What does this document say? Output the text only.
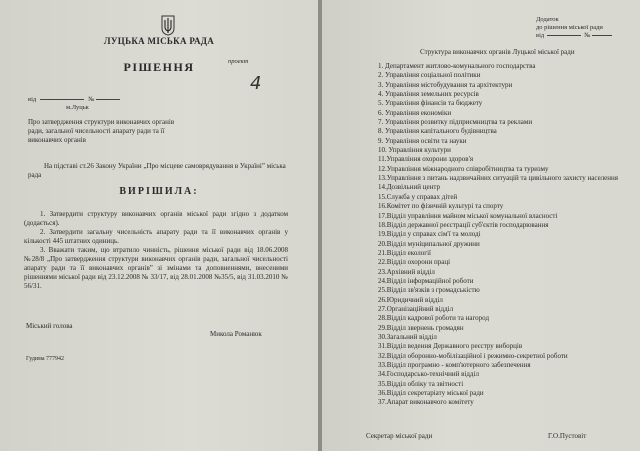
ЛУЦЬКА МІСЬКА РАДА
проект
РІШЕННЯ
4
від	№
м.Луцьк
Про затвердження структури виконавчих органів ради, загальної чисельності апарату ради та її виконавчих органів
На підставі ст.26 Закону України „Про місцеве самоврядування в Україні” міська рада
ВИРІШИЛА:
1. Затвердити структуру виконавчих органів міської ради згідно з додатком (додається).
2. Затвердити загальну чисельність апарату ради та її виконавчих органів у кількості 445 штатних одиниць.
3. Вважати таким, що втратило чинність, рішення міської ради від 18.06.2008 №28/8 „Про затвердження структури виконавчих органів ради, загальної чисельності апарату ради та її виконавчих органів” зі змінами та доповненнями, внесеними рішеннями міської ради від 23.12.2008 № 33/17, від 28.01.2008 №35/5, від 31.03.2010 № 56/31.
Міський голова
Микола Романюк
Гудима 777942
Додаток
до рішення міської ради
від	№
Структура виконавчих органів Луцької міської ради
1. Департамент житлово-комунального господарства
2. Управління соціальної політики
3. Управління містобудування та архітектури
4. Управління земельних ресурсів
5. Управління фінансів та бюджету
6. Управління економіки
7. Управління розвитку підприємництва та реклами
8. Управління капітального будівництва
9. Управління освіти та науки
10. Управління культури
11.Управління охорони здоров'я
12.Управління міжнародного співробітництва та туризму
13.Управління з питань надзвичайних ситуацій та цивільного захисту населення
14.Дозвільний центр
15.Служба у справах дітей
16.Комітет по фізичній культурі та спорту
17.Відділ управління майном міської комунальної власності
18.Відділ державної реєстрації суб'єктів господарювання
19.Відділ у справах сім'ї та молоді
20.Відділ муніципальної дружини
21.Відділ екології
22.Відділ охорони праці
23.Архівний відділ
24.Відділ інформаційної роботи
25.Відділ зв'язків з громадськістю
26.Юридичний відділ
27.Організаційний відділ
28.Відділ кадрової роботи та нагород
29.Відділ звернень громадян
30.Загальний відділ
31.Відділ ведення Державного реєстру виборців
32.Відділ оборонно-мобілізаційної і режимно-секретної роботи
33.Відділ програмно - комп'ютерного забезпечення
34.Господарсько-технічний відділ
35.Відділ обліку та звітності
36.Відділ секретаріату міської ради
37.Апарат виконавчого комітету
Секретар міської ради	Г.О.Пустовіт
